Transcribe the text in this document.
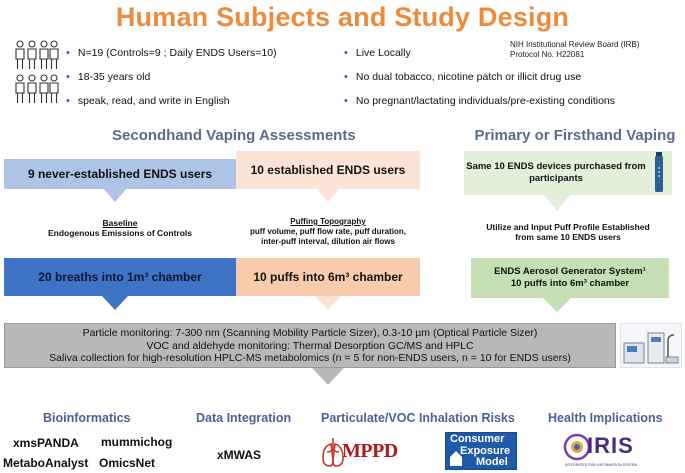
Human Subjects and Study Design
• N=19 (Controls=9 ; Daily ENDS Users=10)
• 18-35 years old
• speak, read, and write in English
• Live Locally
• No dual tobacco, nicotine patch or illicit drug use
• No pregnant/lactating individuals/pre-existing conditions
NIH Institutional Review Board (IRB)
Protocol No. H22081
Secondhand Vaping Assessments	Primary or Firsthand Vaping
9 never-established ENDS users
Baseline
Endogenous Emissions of Controls
20 breaths into 1m³ chamber
10 established ENDS users
Puffing Topography
puff volume, puff flow rate, puff duration,
inter-puff interval, dilution air flows
10 puffs into 6m³ chamber
Same 10 ENDS devices purchased from
participants
Utilize and Input Puff Profile Established
from same 10 ENDS users
ENDS Aerosol Generator System¹
10 puffs into 6m³ chamber
Particle monitoring: 7-300 nm (Scanning Mobility Particle Sizer), 0.3-10 µm (Optical Particle Sizer)
VOC and aldehyde monitoring: Thermal Desorption GC/MS and HPLC
Saliva collection for high-resolution HPLC-MS metabolomics (n = 5 for non-ENDS users, n = 10 for ENDS users)
Bioinformatics	Data Integration Particulate/VOC Inhalation Risks	Health Implications
xmsPANDA mummichog
MetaboAnalyst OmicsNet
xMWAS	MPPD
Consumer
Exposure
Model
IRIS
INTEGRATED RISK INFORMATION SYSTEM
